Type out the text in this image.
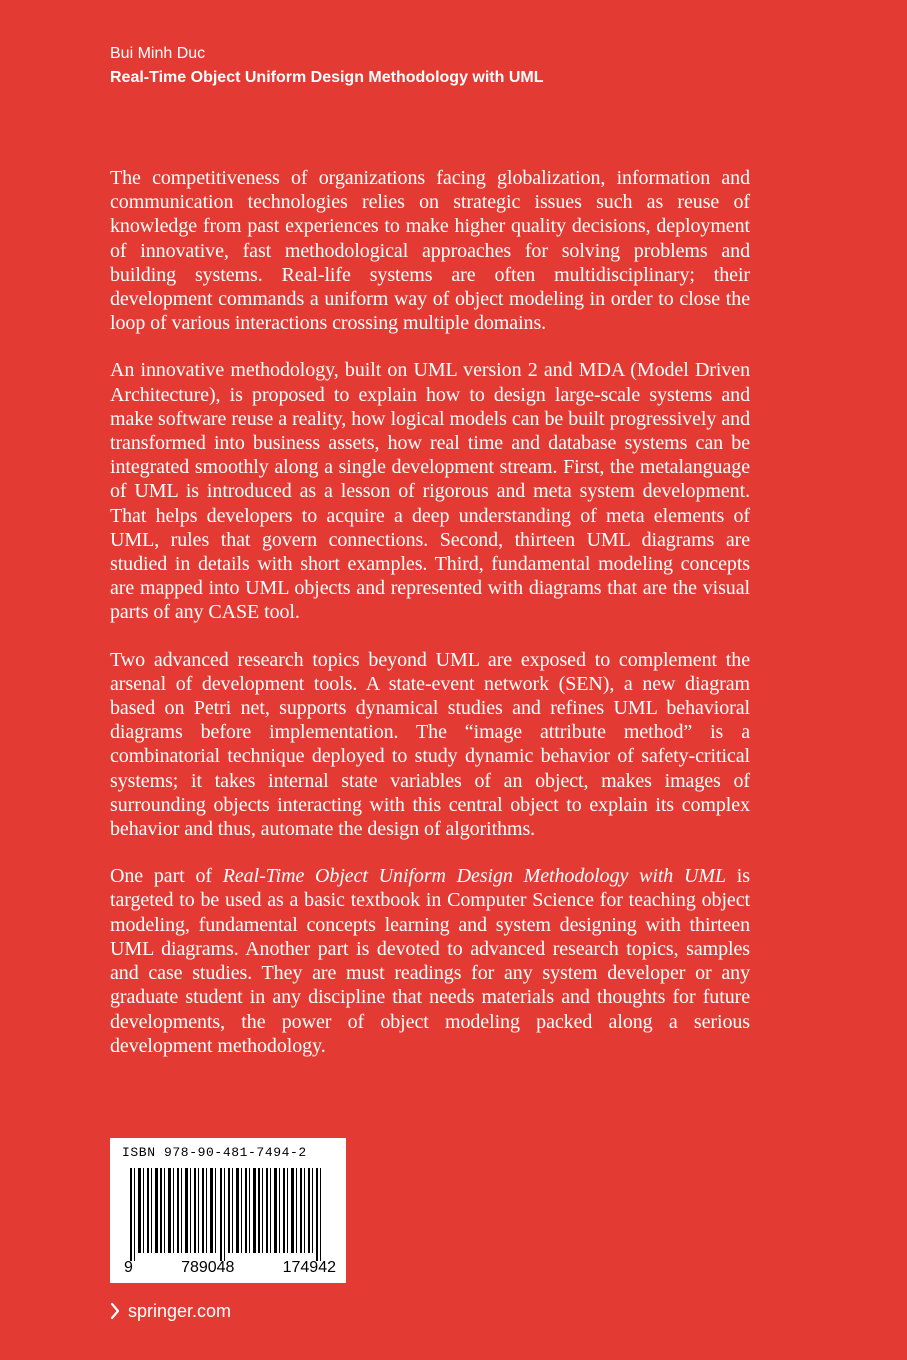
Bui Minh Duc
Real-Time Object Uniform Design Methodology with UML

The competitiveness of organizations facing globalization, information and communication technologies relies on strategic issues such as reuse of knowledge from past experiences to make higher quality decisions, deployment of innovative, fast methodological approaches for solving problems and building systems. Real-life systems are often multidisciplinary; their development commands a uniform way of object modeling in order to close the loop of various interactions crossing multiple domains.

An innovative methodology, built on UML version 2 and MDA (Model Driven Architecture), is proposed to explain how to design large-scale systems and make software reuse a reality, how logical models can be built progressively and transformed into business assets, how real time and database systems can be integrated smoothly along a single development stream. First, the metalanguage of UML is introduced as a lesson of rigorous and meta system development. That helps developers to acquire a deep understanding of meta elements of UML, rules that govern connections. Second, thirteen UML diagrams are studied in details with short examples. Third, fundamental modeling concepts are mapped into UML objects and represented with diagrams that are the visual parts of any CASE tool.

Two advanced research topics beyond UML are exposed to complement the arsenal of development tools. A state-event network (SEN), a new diagram based on Petri net, supports dynamical studies and refines UML behavioral diagrams before implementation. The “image attribute method” is a combinatorial technique deployed to study dynamic behavior of safety-critical systems; it takes internal state variables of an object, makes images of surrounding objects interacting with this central object to explain its complex behavior and thus, automate the design of algorithms.

One part of Real-Time Object Uniform Design Methodology with UML is targeted to be used as a basic textbook in Computer Science for teaching object modeling, fundamental concepts learning and system designing with thirteen UML diagrams. Another part is devoted to advanced research topics, samples and case studies. They are must readings for any system developer or any graduate student in any discipline that needs materials and thoughts for future developments, the power of object modeling packed along a serious development methodology.

ISBN 978-90-481-7494-2
9	789048	174942
springer.com
